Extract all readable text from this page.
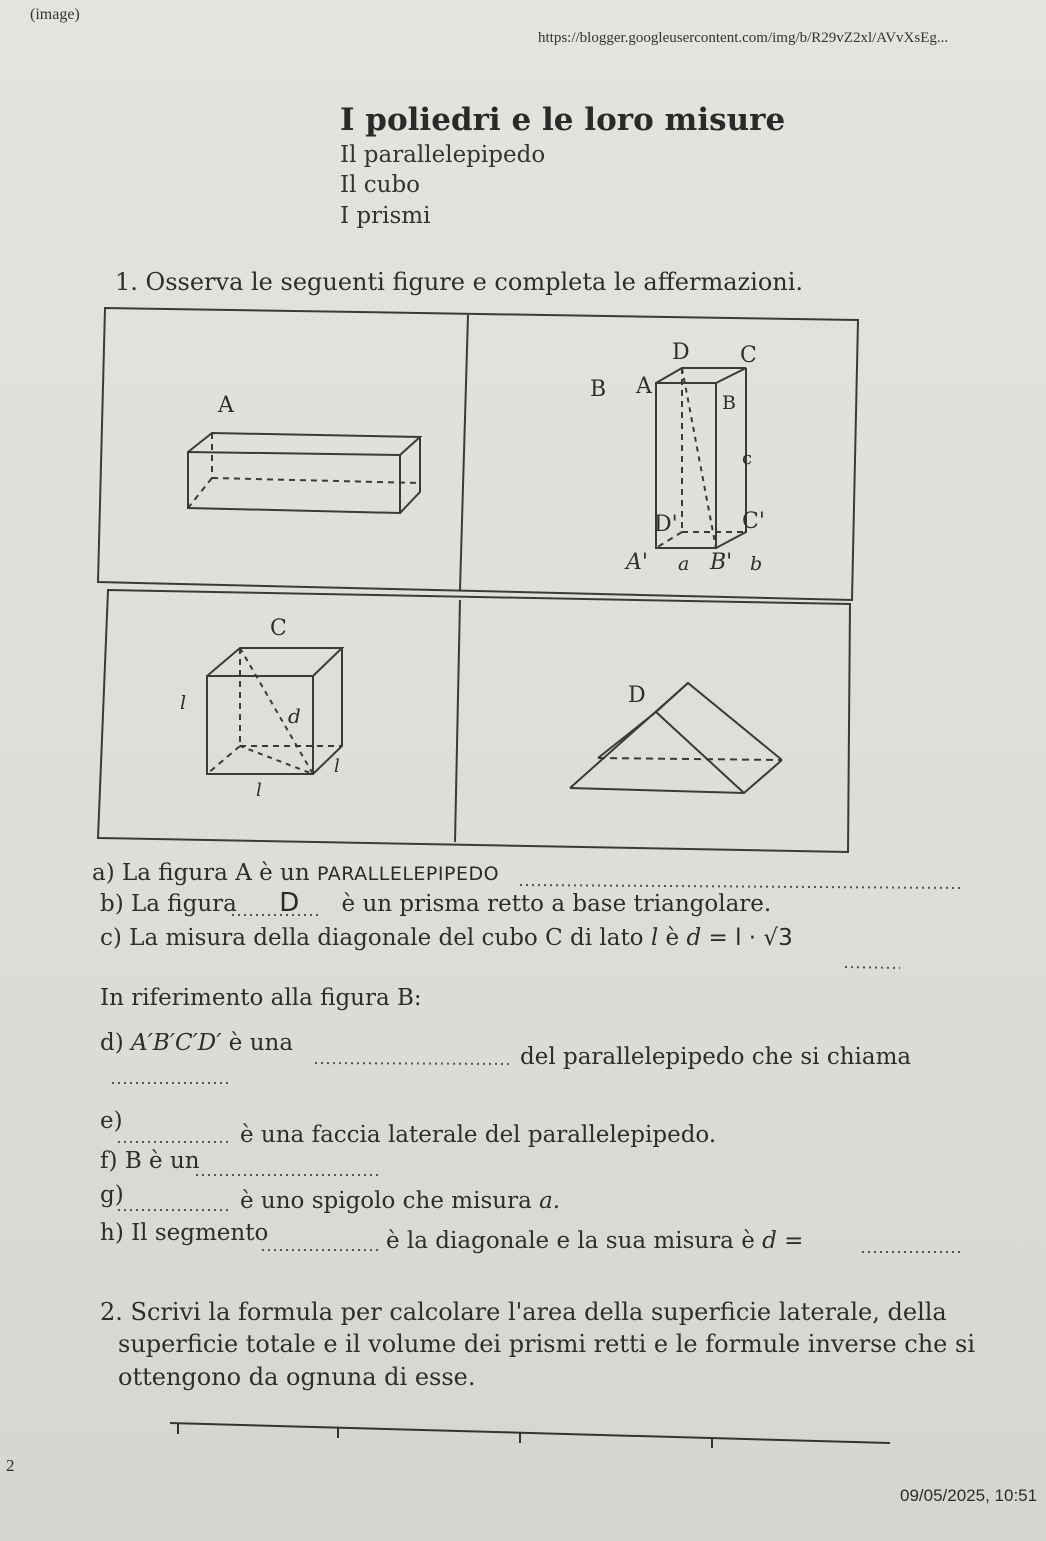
(image)
https://blogger.googleusercontent.com/img/b/R29vZ2xl/AVvXsEg...
I poliedri e le loro misure
Il parallelepipedo
Il cubo
I prismi
1. Osserva le seguenti figure e completa le affermazioni.
A
B
D C
A
B
c
D'	C'
A' a B' b
C
l
d
l
l
D
a) La figura A è un PARALLELEPIPEDO
b) La figura D è un prisma retto a base triangolare.
c) La misura della diagonale del cubo C di lato l è d = l · √3
In riferimento alla figura B:
d) A′B′C′D′ è una
del parallelepipedo che si chiama
e)
è una faccia laterale del parallelepipedo.
f) B è un
g)	è uno spigolo che misura a.
h) Il segmento	è la diagonale e la sua misura è d =
2. Scrivi la formula per calcolare l'area della superficie laterale, della
superficie totale e il volume dei prismi retti e le formule inverse che si
ottengono da ognuna di esse.
2
09/05/2025, 10:51
